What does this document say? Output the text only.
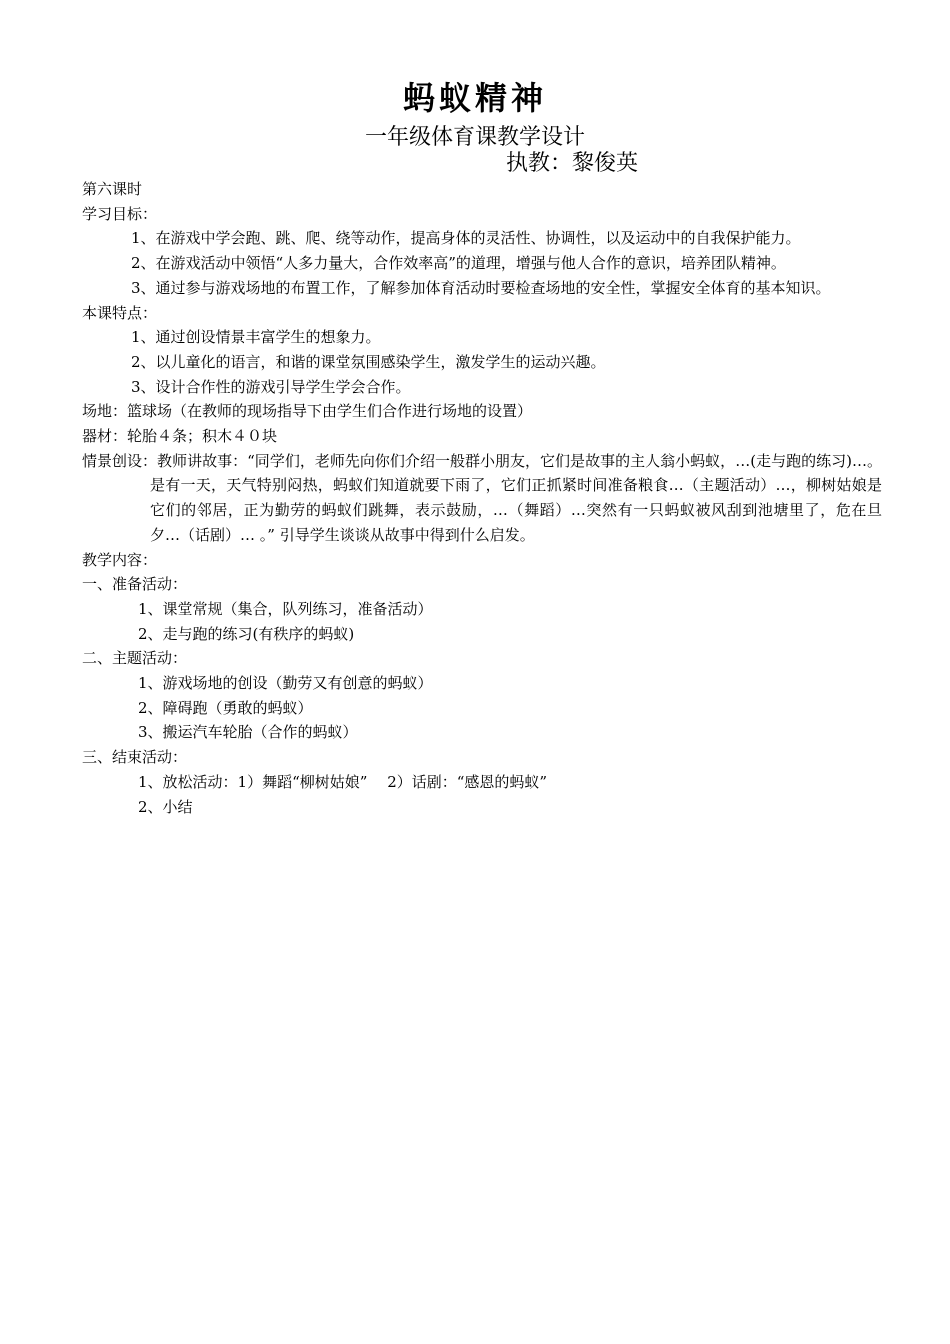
蚂蚁精神
一年级体育课教学设计
执教：黎俊英
第六课时
学习目标：
1、在游戏中学会跑、跳、爬、绕等动作，提高身体的灵活性、协调性，以及运动中的自我保护能力。
2、在游戏活动中领悟“人多力量大，合作效率高”的道理，增强与他人合作的意识，培养团队精神。
3、通过参与游戏场地的布置工作，了解参加体育活动时要检查场地的安全性，掌握安全体育的基本知识。
本课特点：
1、通过创设情景丰富学生的想象力。
2、以儿童化的语言，和谐的课堂氛围感染学生，激发学生的运动兴趣。
3、设计合作性的游戏引导学生学会合作。
场地：篮球场（在教师的现场指导下由学生们合作进行场地的设置）
器材：轮胎４条；积木４０块
情景创设：教师讲故事：“同学们，老师先向你们介绍一般群小朋友，它们是故事的主人翁小蚂蚁，…(走与跑的练习)…。是有一天，天气特别闷热，蚂蚁们知道就要下雨了，它们正抓紧时间准备粮食…（主题活动）…，柳树姑娘是它们的邻居，正为勤劳的蚂蚁们跳舞，表示鼓励，…（舞蹈）…突然有一只蚂蚁被风刮到池塘里了，危在旦夕…（话剧）… 。” 引导学生谈谈从故事中得到什么启发。
教学内容：
一、准备活动：
1、课堂常规（集合，队列练习，准备活动）
2、走与跑的练习(有秩序的蚂蚁)
二、主题活动：
1、游戏场地的创设（勤劳又有创意的蚂蚁）
2、障碍跑（勇敢的蚂蚁）
3、搬运汽车轮胎（合作的蚂蚁）
三、结束活动：
1、放松活动：1）舞蹈“柳树姑娘”　 2）话剧：“感恩的蚂蚁”
2、小结
